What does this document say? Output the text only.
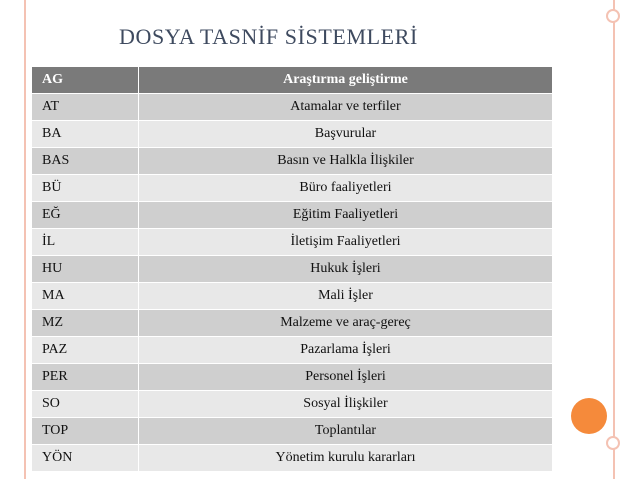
DOSYA TASNİF SİSTEMLERİ
AG		Araştırma geliştirme
AT		Atamalar ve terfiler
BA		Başvurular
BAS		Basın ve Halkla İlişkiler
BÜ		Büro faaliyetleri
EĞ		Eğitim Faaliyetleri
İL		İletişim Faaliyetleri
HU		Hukuk İşleri
MA		Mali İşler
MZ		Malzeme ve araç-gereç
PAZ		Pazarlama İşleri
PER		Personel İşleri
SO		Sosyal İlişkiler
TOP		Toplantılar
YÖN		Yönetim kurulu kararları
